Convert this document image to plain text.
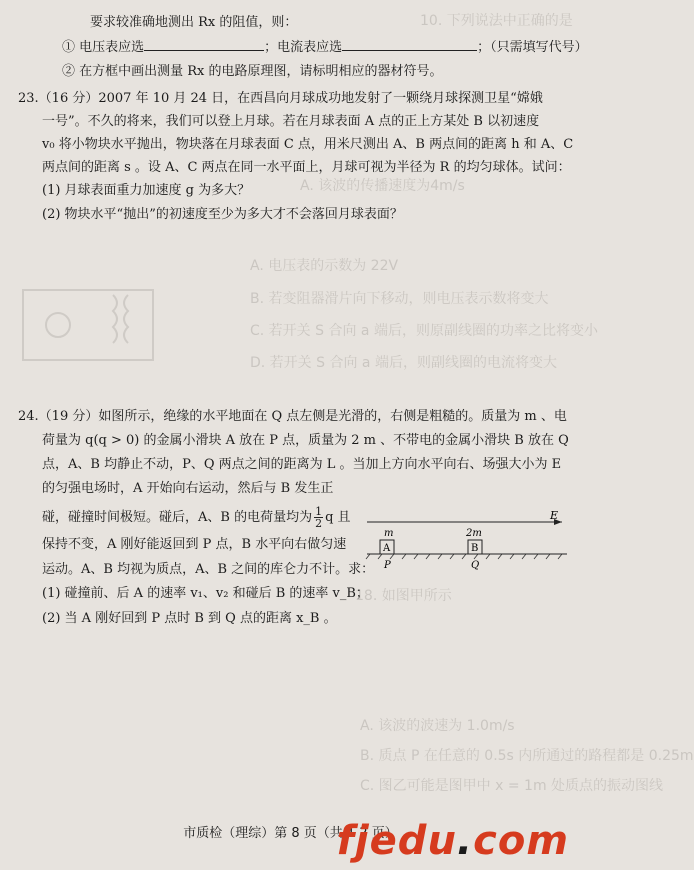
10. 下列说法中正确的是
A. 该波的传播速度为4m/s
A. 电压表的示数为 22V
B. 若变阻器滑片向下移动，则电压表示数将变大
C. 若开关 S 合向 a 端后，则原副线圈的功率之比将变小
D. 若开关 S 合向 a 端后，则副线圈的电流将变大
18. 如图甲所示
A. 该波的波速为 1.0m/s
B. 质点 P 在任意的 0.5s 内所通过的路程都是 0.25m
C. 图乙可能是图甲中 x = 1m 处质点的振动图线
要求较准确地测出 Rx 的阻值，则：
① 电压表应选	；电流表应选	；（只需填写代号）
② 在方框中画出测量 Rx 的电路原理图，请标明相应的器材符号。
23.（16 分）2007 年 10 月 24 日，在西昌向月球成功地发射了一颗绕月球探测卫星“嫦娥
一号”。不久的将来，我们可以登上月球。若在月球表面 A 点的正上方某处 B 以初速度
v₀ 将小物块水平抛出，物块落在月球表面 C 点，用米尺测出 A、B 两点间的距离 h 和 A、C
两点间的距离 s 。设 A、C 两点在同一水平面上，月球可视为半径为 R 的均匀球体。试问：
(1) 月球表面重力加速度 g 为多大？
(2) 物块水平“抛出”的初速度至少为多大才不会落回月球表面？
24.（19 分）如图所示，绝缘的水平地面在 Q 点左侧是光滑的，右侧是粗糙的。质量为 m 、电
荷量为 q(q > 0) 的金属小滑块 A 放在 P 点，质量为 2 m 、不带电的金属小滑块 B 放在 Q
点，A、B 均静止不动，P、Q 两点之间的距离为 L 。当加上方向水平向右、场强大小为 E
的匀强电场时，A 开始向右运动，然后与 B 发生正
碰，碰撞时间极短。碰后，A、B 的电荷量均为 $\frac{1}{2}$ q 且
保持不变，A 刚好能返回到 P 点，B 水平向右做匀速
运动。A、B 均视为质点，A、B 之间的库仑力不计。求：
(1) 碰撞前、后 A 的速率 v₁、v₂ 和碰后 B 的速率 v_B；
(2) 当 A 刚好回到 P 点时 B 到 Q 点的距离 x_B 。
E
m	2m
A	B
P	Q
市质检（理综）第 8 页（共 1 2 页）
fjedu.com
